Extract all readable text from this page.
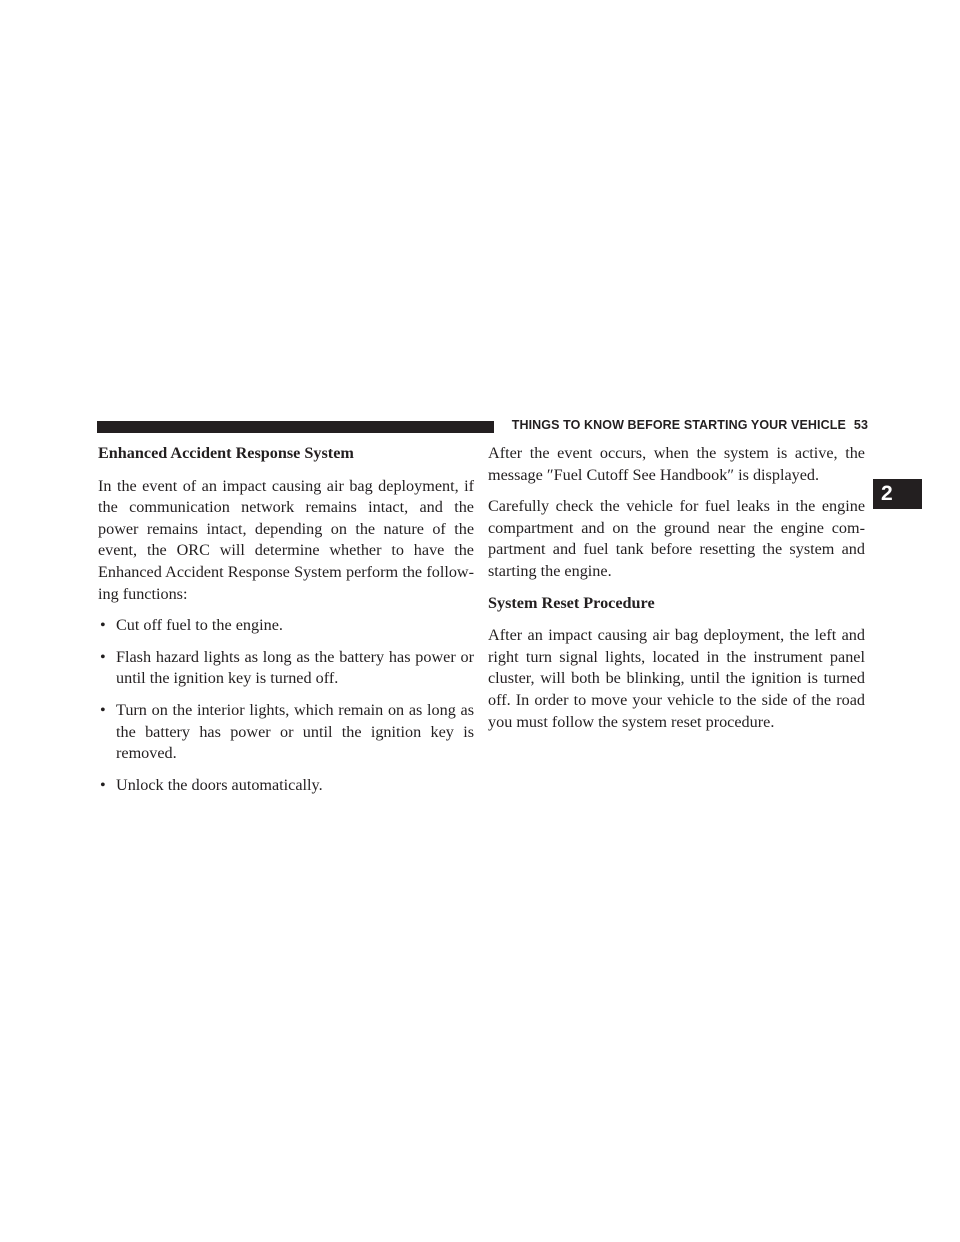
THINGS TO KNOW BEFORE STARTING YOUR VEHICLE 53
2
Enhanced Accident Response System

In the event of an impact causing air bag deployment, if the communication network remains intact, and the power remains intact, depending on the nature of the event, the ORC will determine whether to have the Enhanced Accident Response System perform the follow-ing functions:

• Cut off fuel to the engine.
• Flash hazard lights as long as the battery has power or until the ignition key is turned off.
• Turn on the interior lights, which remain on as long as the battery has power or until the ignition key is removed.
• Unlock the doors automatically.

After the event occurs, when the system is active, the message ″Fuel Cutoff See Handbook″ is displayed.

Carefully check the vehicle for fuel leaks in the engine compartment and on the ground near the engine com-partment and fuel tank before resetting the system and starting the engine.

System Reset Procedure

After an impact causing air bag deployment, the left and right turn signal lights, located in the instrument panel cluster, will both be blinking, until the ignition is turned off. In order to move your vehicle to the side of the road you must follow the system reset procedure.
